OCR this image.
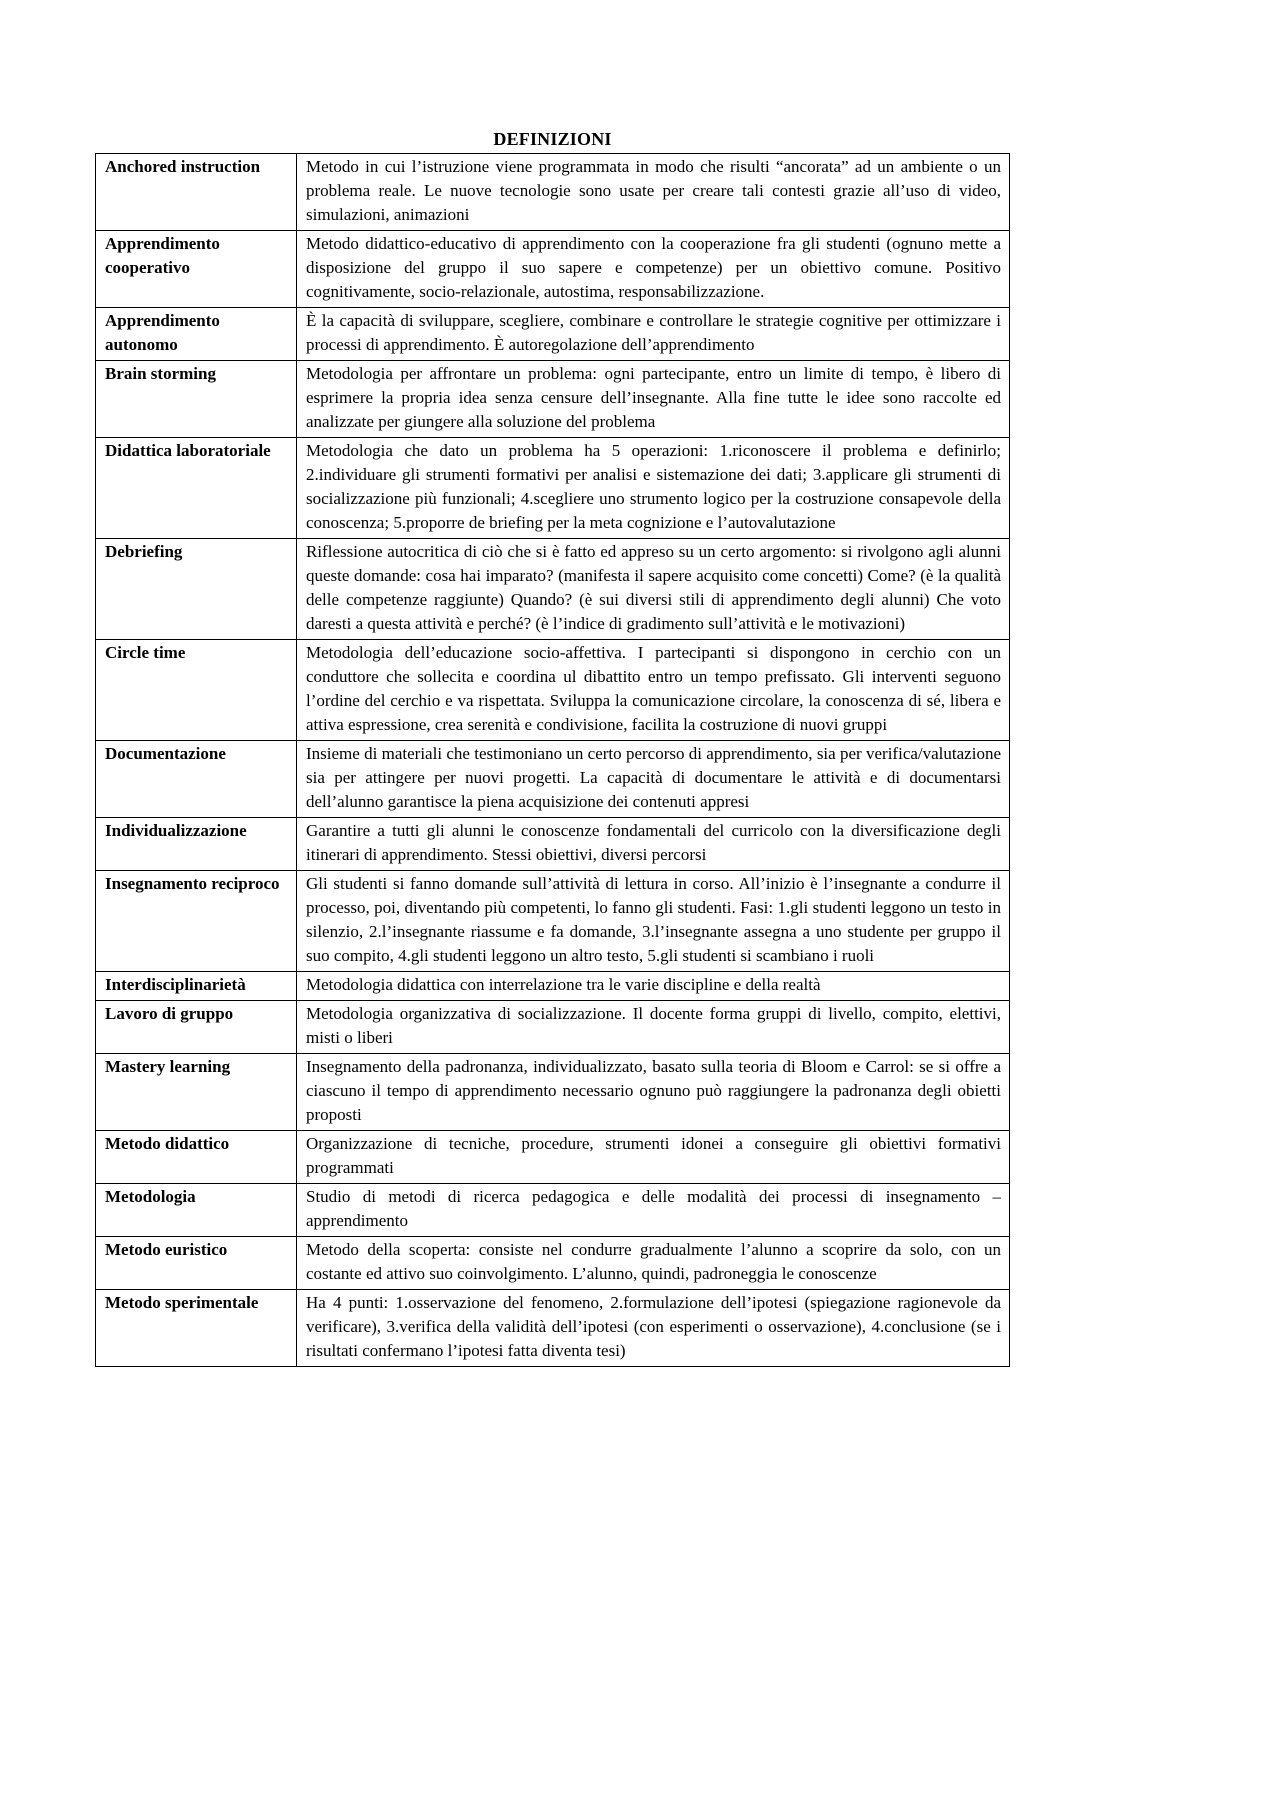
DEFINIZIONI
Anchored instruction	Metodo in cui l’istruzione viene programmata in modo che risulti “ancorata” ad un ambiente o un problema reale. Le nuove tecnologie sono usate per creare tali contesti grazie all’uso di video, simulazioni, animazioni
Apprendimento cooperativo	Metodo didattico-educativo di apprendimento con la cooperazione fra gli studenti (ognuno mette a disposizione del gruppo il suo sapere e competenze) per un obiettivo comune. Positivo cognitivamente, socio-relazionale, autostima, responsabilizzazione.
Apprendimento autonomo	È la capacità di sviluppare, scegliere, combinare e controllare le strategie cognitive per ottimizzare i processi di apprendimento. È autoregolazione dell’apprendimento
Brain storming	Metodologia per affrontare un problema: ogni partecipante, entro un limite di tempo, è libero di esprimere la propria idea senza censure dell’insegnante. Alla fine tutte le idee sono raccolte ed analizzate per giungere alla soluzione del problema
Didattica laboratoriale	Metodologia che dato un problema ha 5 operazioni: 1.riconoscere il problema e definirlo; 2.individuare gli strumenti formativi per analisi e sistemazione dei dati; 3.applicare gli strumenti di socializzazione più funzionali; 4.scegliere uno strumento logico per la costruzione consapevole della conoscenza; 5.proporre de briefing per la meta cognizione e l’autovalutazione
Debriefing	Riflessione autocritica di ciò che si è fatto ed appreso su un certo argomento: si rivolgono agli alunni queste domande: cosa hai imparato? (manifesta il sapere acquisito come concetti) Come? (è la qualità delle competenze raggiunte) Quando? (è sui diversi stili di apprendimento degli alunni) Che voto daresti a questa attività e perché? (è l’indice di gradimento sull’attività e le motivazioni)
Circle time	Metodologia dell’educazione socio-affettiva. I partecipanti si dispongono in cerchio con un conduttore che sollecita e coordina ul dibattito entro un tempo prefissato. Gli interventi seguono l’ordine del cerchio e va rispettata. Sviluppa la comunicazione circolare, la conoscenza di sé, libera e attiva espressione, crea serenità e condivisione, facilita la costruzione di nuovi gruppi
Documentazione	Insieme di materiali che testimoniano un certo percorso di apprendimento, sia per verifica/valutazione sia per attingere per nuovi progetti. La capacità di documentare le attività e di documentarsi dell’alunno garantisce la piena acquisizione dei contenuti appresi
Individualizzazione	Garantire a tutti gli alunni le conoscenze fondamentali del curricolo con la diversificazione degli itinerari di apprendimento. Stessi obiettivi, diversi percorsi
Insegnamento reciproco	Gli studenti si fanno domande sull’attività di lettura in corso. All’inizio è l’insegnante a condurre il processo, poi, diventando più competenti, lo fanno gli studenti. Fasi: 1.gli studenti leggono un testo in silenzio, 2.l’insegnante riassume e fa domande, 3.l’insegnante assegna a uno studente per gruppo il suo compito, 4.gli studenti leggono un altro testo, 5.gli studenti si scambiano i ruoli
Interdisciplinarietà	Metodologia didattica con interrelazione tra le varie discipline e della realtà
Lavoro di gruppo	Metodologia organizzativa di socializzazione. Il docente forma gruppi di livello, compito, elettivi, misti o liberi
Mastery learning	Insegnamento della padronanza, individualizzato, basato sulla teoria di Bloom e Carrol: se si offre a ciascuno il tempo di apprendimento necessario ognuno può raggiungere la padronanza degli obietti proposti
Metodo didattico	Organizzazione di tecniche, procedure, strumenti idonei a conseguire gli obiettivi formativi programmati
Metodologia	Studio di metodi di ricerca pedagogica e delle modalità dei processi di insegnamento – apprendimento
Metodo euristico	Metodo della scoperta: consiste nel condurre gradualmente l’alunno a scoprire da solo, con un costante ed attivo suo coinvolgimento. L’alunno, quindi, padroneggia le conoscenze
Metodo sperimentale	Ha 4 punti: 1.osservazione del fenomeno, 2.formulazione dell’ipotesi (spiegazione ragionevole da verificare), 3.verifica della validità dell’ipotesi (con esperimenti o osservazione), 4.conclusione (se i risultati confermano l’ipotesi fatta diventa tesi)
